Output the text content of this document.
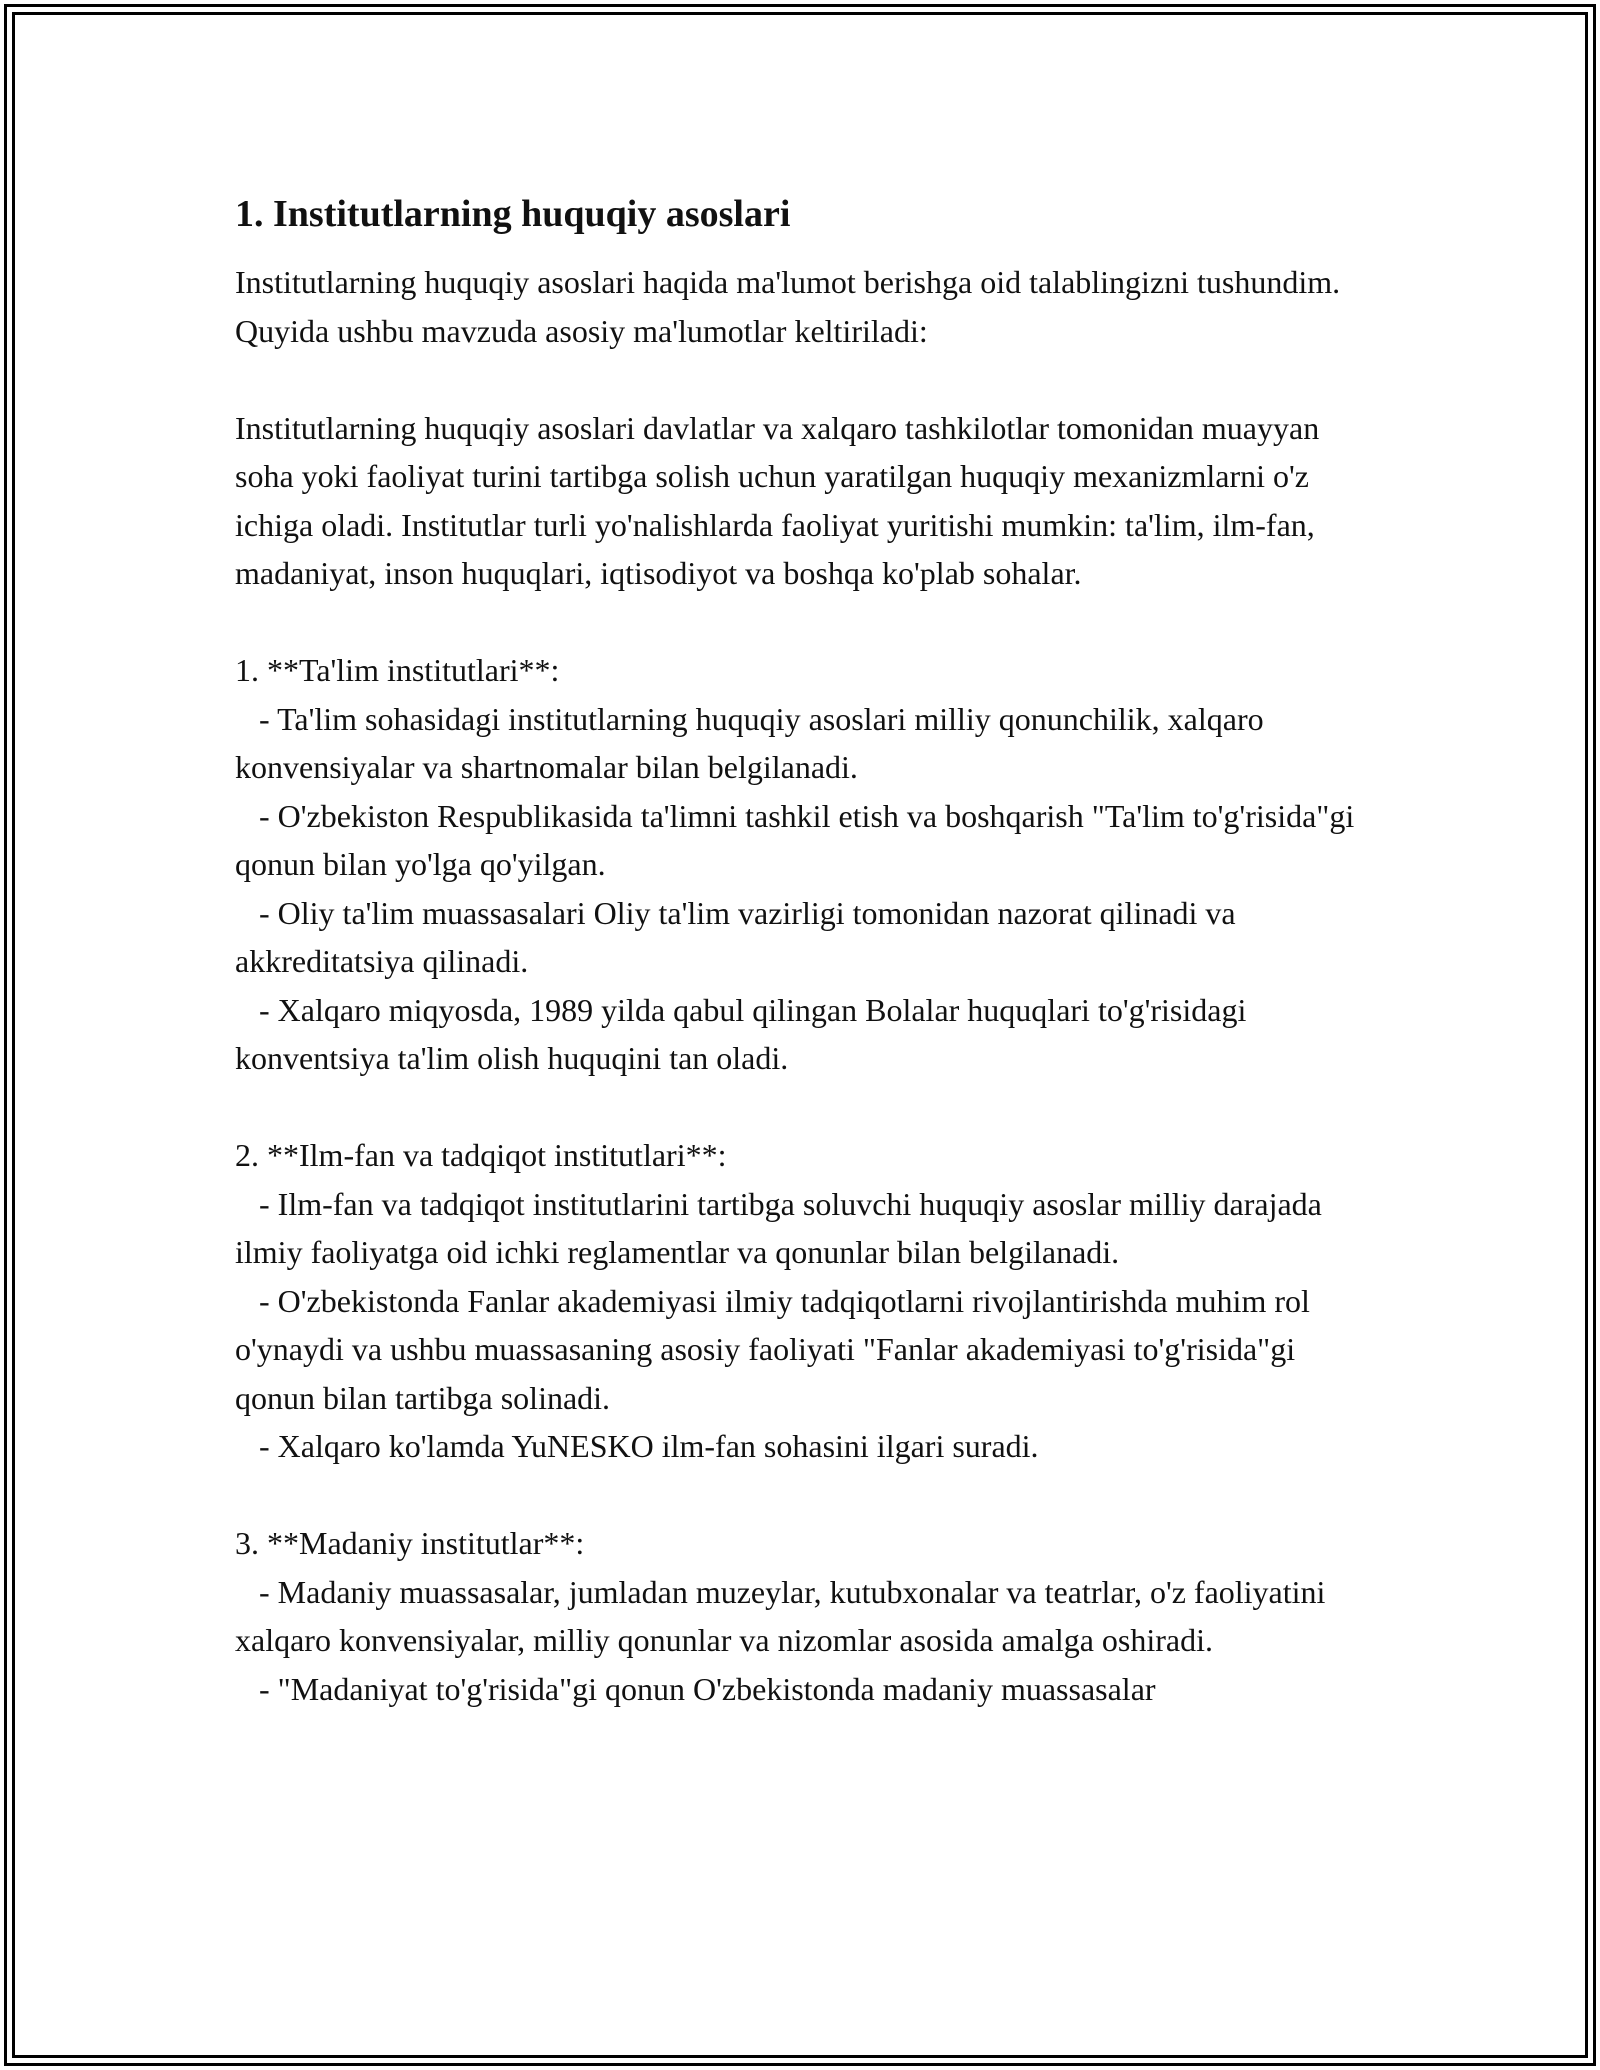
1. Institutlarning huquqiy asoslari

Institutlarning huquqiy asoslari haqida ma'lumot berishga oid talablingizni tushundim. Quyida ushbu mavzuda asosiy ma'lumotlar keltiriladi:

Institutlarning huquqiy asoslari davlatlar va xalqaro tashkilotlar tomonidan muayyan soha yoki faoliyat turini tartibga solish uchun yaratilgan huquqiy mexanizmlarni o'z ichiga oladi. Institutlar turli yo'nalishlarda faoliyat yuritishi mumkin: ta'lim, ilm-fan, madaniyat, inson huquqlari, iqtisodiyot va boshqa ko'plab sohalar.

1. **Ta'lim institutlari**:

- Ta'lim sohasidagi institutlarning huquqiy asoslari milliy qonunchilik, xalqaro konvensiyalar va shartnomalar bilan belgilanadi.

- O'zbekiston Respublikasida ta'limni tashkil etish va boshqarish "Ta'lim to'g'risida"gi qonun bilan yo'lga qo'yilgan.

- Oliy ta'lim muassasalari Oliy ta'lim vazirligi tomonidan nazorat qilinadi va akkreditatsiya qilinadi.

- Xalqaro miqyosda, 1989 yilda qabul qilingan Bolalar huquqlari to'g'risidagi konventsiya ta'lim olish huquqini tan oladi.

2. **Ilm-fan va tadqiqot institutlari**:

- Ilm-fan va tadqiqot institutlarini tartibga soluvchi huquqiy asoslar milliy darajada ilmiy faoliyatga oid ichki reglamentlar va qonunlar bilan belgilanadi.

- O'zbekistonda Fanlar akademiyasi ilmiy tadqiqotlarni rivojlantirishda muhim rol o'ynaydi va ushbu muassasaning asosiy faoliyati "Fanlar akademiyasi to'g'risida"gi qonun bilan tartibga solinadi.

- Xalqaro ko'lamda YuNESKO ilm-fan sohasini ilgari suradi.

3. **Madaniy institutlar**:

- Madaniy muassasalar, jumladan muzeylar, kutubxonalar va teatrlar, o'z faoliyatini xalqaro konvensiyalar, milliy qonunlar va nizomlar asosida amalga oshiradi.

- "Madaniyat to'g'risida"gi qonun O'zbekistonda madaniy muassasalar
